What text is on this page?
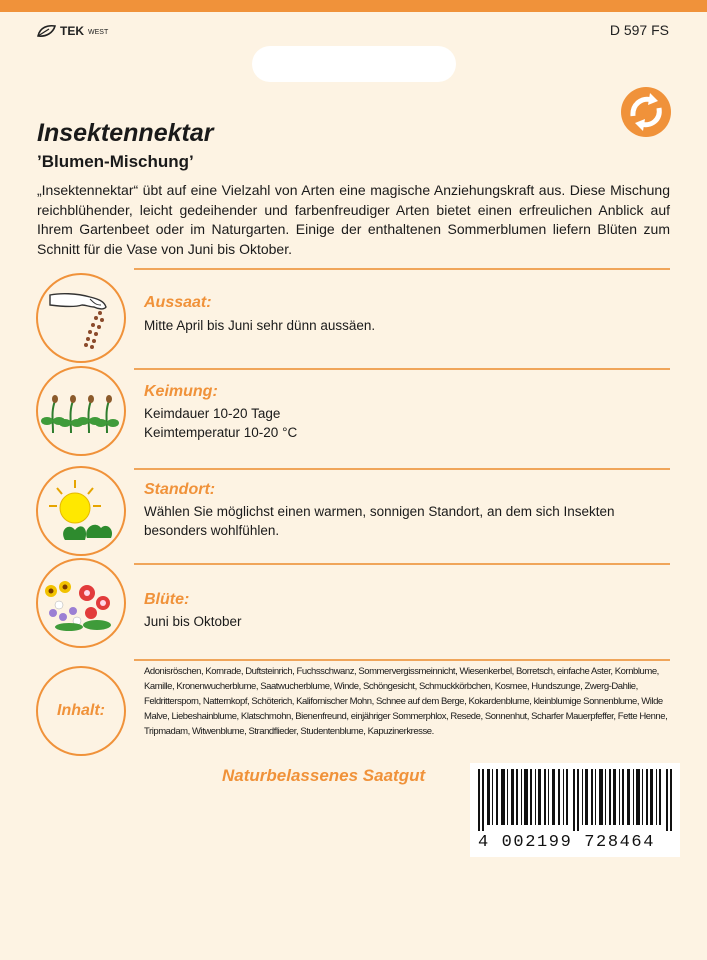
TEK WEST	D 597 FS
Insektennektar
’Blumen-Mischung’
„Insektennektar“ übt auf eine Vielzahl von Arten eine magische Anziehungskraft aus. Diese Mischung reichblühender, leicht gedeihender und farbenfreudiger Arten bietet einen erfreulichen Anblick auf Ihrem Gartenbeet oder im Naturgarten. Einige der enthaltenen Sommerblumen liefern Blüten zum Schnitt für die Vase von Juni bis Oktober.
Aussaat:
Mitte April bis Juni sehr dünn aussäen.
Keimung:
Keimdauer 10-20 Tage
Keimtemperatur 10-20 °C
Standort:
Wählen Sie möglichst einen warmen, sonnigen Standort, an dem sich Insekten besonders wohlfühlen.
Blüte:
Juni bis Oktober
Inhalt:
Adonisröschen, Kornrade, Duftsteinrich, Fuchsschwanz, Sommervergissmeinnicht, Wiesenkerbel, Borretsch, einfache Aster, Kornblume, Kamille, Kronenwucherblume, Saatwucherblume, Winde, Schöngesicht, Schmuckkörbchen, Kosmee, Hundszunge, Zwerg-Dahlie, Feldrittersporn, Natternkopf, Schöterich, Kalifornischer Mohn, Schnee auf dem Berge, Kokardenblume, kleinblumige Sonnenblume, Wilde Malve, Liebeshainblume, Klatschmohn, Bienenfreund, einjähriger Sommerphlox, Resede, Sonnenhut, Scharfer Mauerpfeffer, Fette Henne, Tripmadam, Witwenblume, Strandflieder, Studentenblume, Kapuzinerkresse.
Naturbelassenes Saatgut
4 002199 728464
